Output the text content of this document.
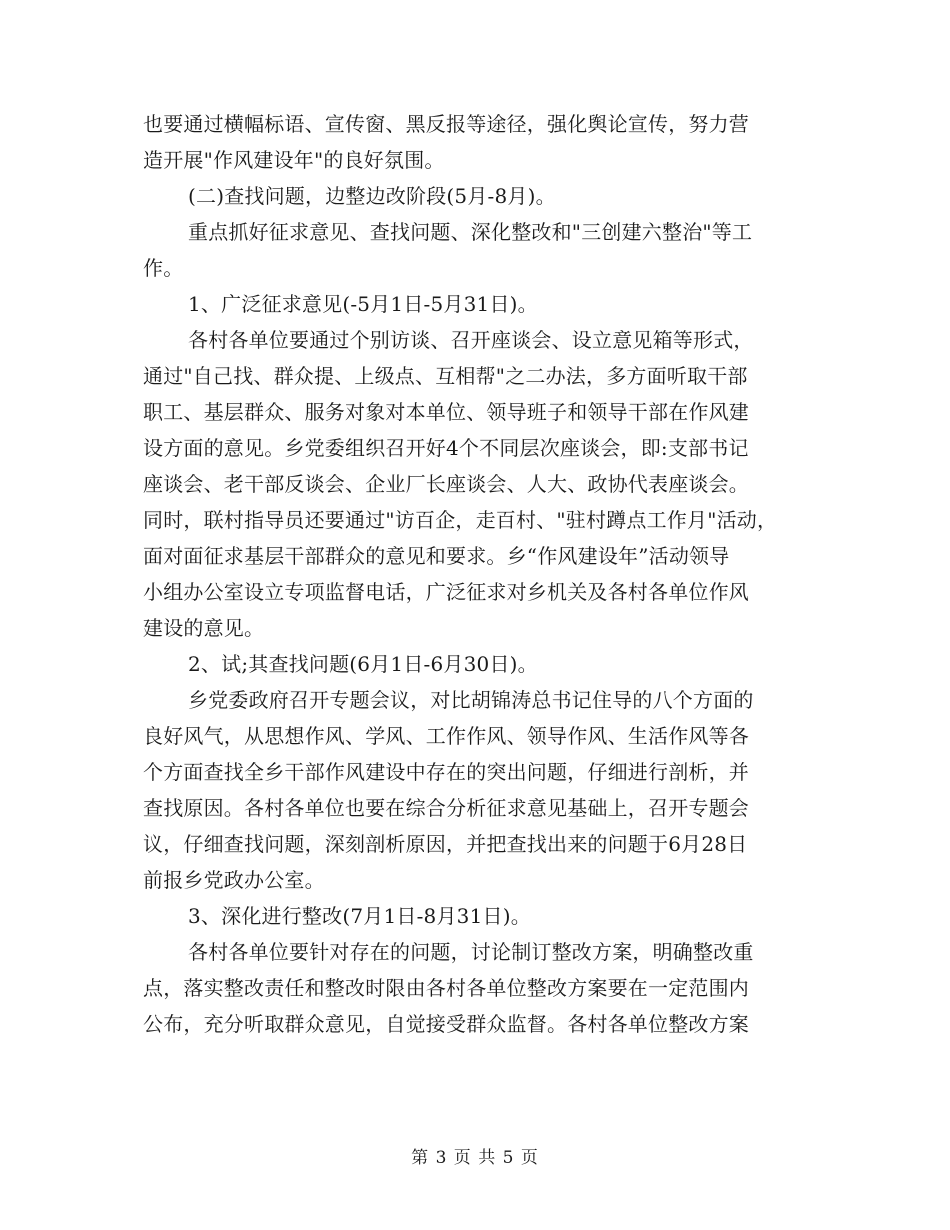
也要通过横幅标语、宣传窗、黑反报等途径，强化舆论宣传，努力营
造开展"作风建设年"的良好氛围。
(二)查找问题，边整边改阶段(5月-8月)。
重点抓好征求意见、查找问题、深化整改和"三创建六整治"等工
作。
1、广泛征求意见(-5月1日-5月31日)。
各村各单位要通过个别访谈、召开座谈会、设立意见箱等形式，
通过"自己找、群众提、上级点、互相帮"之二办法，多方面听取干部
职工、基层群众、服务对象对本单位、领导班子和领导干部在作风建
设方面的意见。乡党委组织召开好4个不同层次座谈会，即:支部书记
座谈会、老干部反谈会、企业厂长座谈会、人大、政协代表座谈会。
同时，联村指导员还要通过"访百企，走百村、"驻村蹲点工作月"活动，
面对面征求基层干部群众的意见和要求。乡“作风建设年”活动领导
小组办公室设立专项监督电话，广泛征求对乡机关及各村各单位作风
建设的意见。
2、试;其查找问题(6月1日-6月30日)。
乡党委政府召开专题会议，对比胡锦涛总书记住导的八个方面的
良好风气，从思想作风、学风、工作作风、领导作风、生活作风等各
个方面查找全乡干部作风建设中存在的突出问题，仔细进行剖析，并
查找原因。各村各单位也要在综合分析征求意见基础上，召开专题会
议，仔细查找问题，深刻剖析原因，并把查找出来的问题于6月28日
前报乡党政办公室。
3、深化进行整改(7月1日-8月31日)。
各村各单位要针对存在的问题，讨论制订整改方案，明确整改重
点，落实整改责任和整改时限由各村各单位整改方案要在一定范围内
公布，充分听取群众意见，自觉接受群众监督。各村各单位整改方案
第 3 页 共 5 页
